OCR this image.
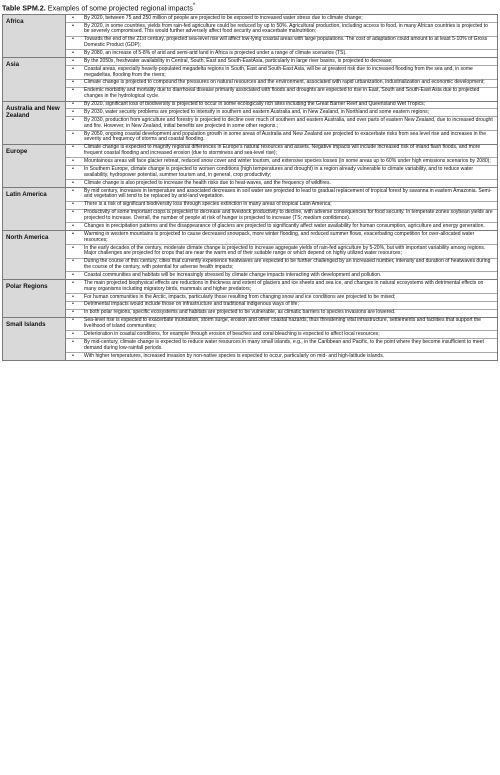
Table SPM.2. Examples of some projected regional impacts*
Africa	
•	By 2020, between 75 and 250 million of people are projected to be exposed to increased water stress due to climate change;
•	By 2020, in some countries, yields from rain-fed agriculture could be reduced by up to 50%. Agricultural production, including access to food, in many African countries is projected to be severely compromised. This would further adversely affect food security and exacerbate malnutrition;
•	Towards the end of the 21st century, projected sea-level rise will affect low-lying coastal areas with large populations. The cost of adaptation could amount to at least 5-10% of Gross Domestic Product (GDP);
•	By 2080, an increase of 5-8% of arid and semi-arid land in Africa is projected under a range of climate scenarios (TS).

Asia	
•	By the 2050s, freshwater availability in Central, South, East and South-EastAsia, particularly in large river basins, is projected to decrease;
•	Coastal areas, especially heavily-populated megadelta regions in South, East and South-East Asia, will be at greatest risk due to increased flooding from the sea and, in some megadeltas, flooding from the rivers;
•	Climate change is projected to compound the pressures on natural resources and the environment, associated with rapid urbanization, industrialization and economic development;
•	Endemic morbidity and mortality due to diarrhoeal disease primarily associated with floods and droughts are expected to rise in East, South and South-East Asia due to projected changes in the hydrological cycle.

Australia and New Zealand	
•	By 2020, significant loss of biodiversity is projected to occur in some ecologically rich sites including the Great Barrier Reef and Queensland Wet Tropics;
•	By 2030, water security problems are projected to intensify in southern and eastern Australia and, in New Zealand, in Northland and some eastern regions;
•	By 2030, production from agriculture and forestry is projected to decline over much of southern and eastern Australia, and over parts of eastern New Zealand, due to increased drought and fire. However, in New Zealand, initial benefits are projected in some other regions.;
•	By 2050, ongoing coastal development and population growth in some areas of Australia and New Zealand are projected to exacerbate risks from sea level rise and increases in the severity and frequency of storms and coastal flooding.

Europe	
•	Climate change is expected to magnify regional differences in Europe's natural resources and assets. Negative impacts will include increased risk of inland flash floods, and more frequent coastal flooding and increased erosion (due to storminess and sea-level rise);
•	Mountainous areas will face glacier retreat, reduced snow cover and winter tourism, and extensive species losses (in some areas up to 60% under high emissions scenarios by 2080);
•	In Southern Europe, climate change is projected to worsen conditions (high temperatures and drought) in a region already vulnerable to climate variability, and to reduce water availability, hydropower potential, summer tourism and, in general, crop productivity;
•	Climate change is also projected to increase the health risks due to heat-waves, and the frequency of wildfires.

Latin America	
•	By mid century, increases in temperature and associated decreases in soil water are projected to lead to gradual replacement of tropical forest by savanna in eastern Amazonia. Semi-arid vegetation will tend to be replaced by arid-land vegetation.
•	There is a risk of significant biodiversity loss through species extinction in many areas of tropical Latin America;
•	Productivity of some important crops is projected to decrease and livestock productivity to decline, with adverse consequences for food security. In temperate zones soybean yields are projected to increase. Overall, the number of people at risk of hunger is projected to increase (TS; medium confidence).
•	Changes in precipitation patterns and the disappearance of glaciers are projected to significantly affect water availability for human consumption, agriculture and energy generation.

North America	
•	Warming in western mountains is projected to cause decreased snowpack, more winter flooding, and reduced summer flows, exacerbating competition for over-allocated water resources;
•	In the early decades of the century, moderate climate change is projected to increase aggregate yields of rain-fed agriculture by 5-20%, but with important variability among regions. Major challenges are projected for crops that are near the warm end of their suitable range or which depend on highly utilized water resources;
•	During the course of this century, cities that currently experience heatwaves are expected to be further challenged by an increased number, intensity and duration of heatwaves during the course of the century, with potential for adverse health impacts;
•	Coastal communities and habitats will be increasingly stressed by climate change impacts interacting with development and pollution.

Polar Regions	
•	The main projected biophysical effects are reductions in thickness and extent of glaciers and ice sheets and sea ice, and changes in natural ecosystems with detrimental effects on many organisms including migratory birds, mammals and higher predators;
•	For human communities in the Arctic, impacts, particularly those resulting from changing snow and ice conditions are projected to be mixed;
•	Detrimental impacts would include those on infrastructure and traditional indigenous ways of life;
•	In both polar regions, specific ecosystems and habitats are projected to be vulnerable, as climatic barriers to species invasions are lowered.

Small Islands	
•	Sea-level rise is expected to exacerbate inundation, storm surge, erosion and other coastal hazards, thus threatening vital infrastructure, settlements and facilities that support the livelihood of island communities;
•	Deterioration in coastal conditions, for example through erosion of beaches and coral bleaching is expected to affect local resources;
•	By mid-century, climate change is expected to reduce water resources in many small islands, e.g., in the Caribbean and Pacific, to the point where they become insufficient to meet demand during low-rainfall periods.
•	With higher temperatures, increased invasion by non-native species is expected to occur, particularly on mid- and high-latitude islands.
